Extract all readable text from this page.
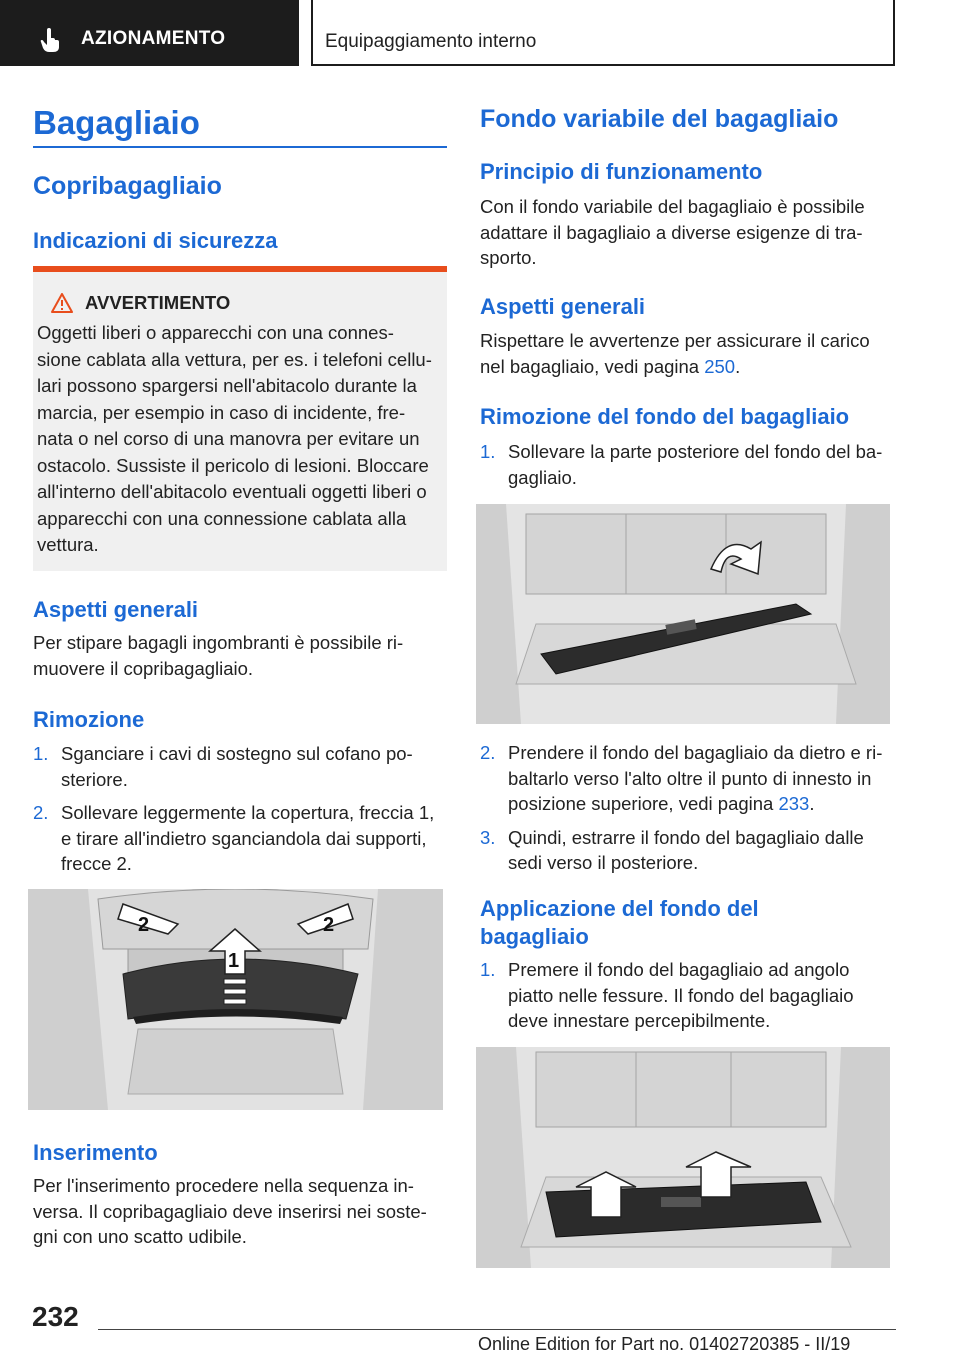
AZIONAMENTO	Equipaggiamento interno
Bagagliaio
Copribagagliaio
Indicazioni di sicurezza
AVVERTIMENTO
Oggetti liberi o apparecchi con una connes-sione cablata alla vettura, per es. i telefoni cellu-lari possono spargersi nell'abitacolo durante la marcia, per esempio in caso di incidente, fre-nata o nel corso di una manovra per evitare un ostacolo. Sussiste il pericolo di lesioni. Bloccare all'interno dell'abitacolo eventuali oggetti liberi o apparecchi con una connessione cablata alla vettura.
Aspetti generali

Per stipare bagagli ingombranti è possibile ri-muovere il copribagagliaio.

Rimozione
1. Sganciare i cavi di sostegno sul cofano po-steriore.
2. Sollevare leggermente la copertura, freccia 1, e tirare all'indietro sganciandola dai supporti, frecce 2.
1
2	2
Inserimento

Per l'inserimento procedere nella sequenza in-versa. Il copribagagliaio deve inserirsi nei soste-gni con uno scatto udibile.

Fondo variabile del bagagliaio
Principio di funzionamento

Con il fondo variabile del bagagliaio è possibile adattare il bagagliaio a diverse esigenze di tra-sporto.

Aspetti generali

Rispettare le avvertenze per assicurare il carico nel bagagliaio, vedi pagina 250.

Rimozione del fondo del bagagliaio
1. Sollevare la parte posteriore del fondo del ba-gagliaio.
2. Prendere il fondo del bagagliaio da dietro e ri-baltarlo verso l'alto oltre il punto di innesto in posizione superiore, vedi pagina 233.
3. Quindi, estrarre il fondo del bagagliaio dalle sedi verso il posteriore.
Applicazione del fondo del bagagliaio
1. Premere il fondo del bagagliaio ad angolo piatto nelle fessure. Il fondo del bagagliaio deve innestare percepibilmente.
232
Online Edition for Part no. 01402720385 - II/19
